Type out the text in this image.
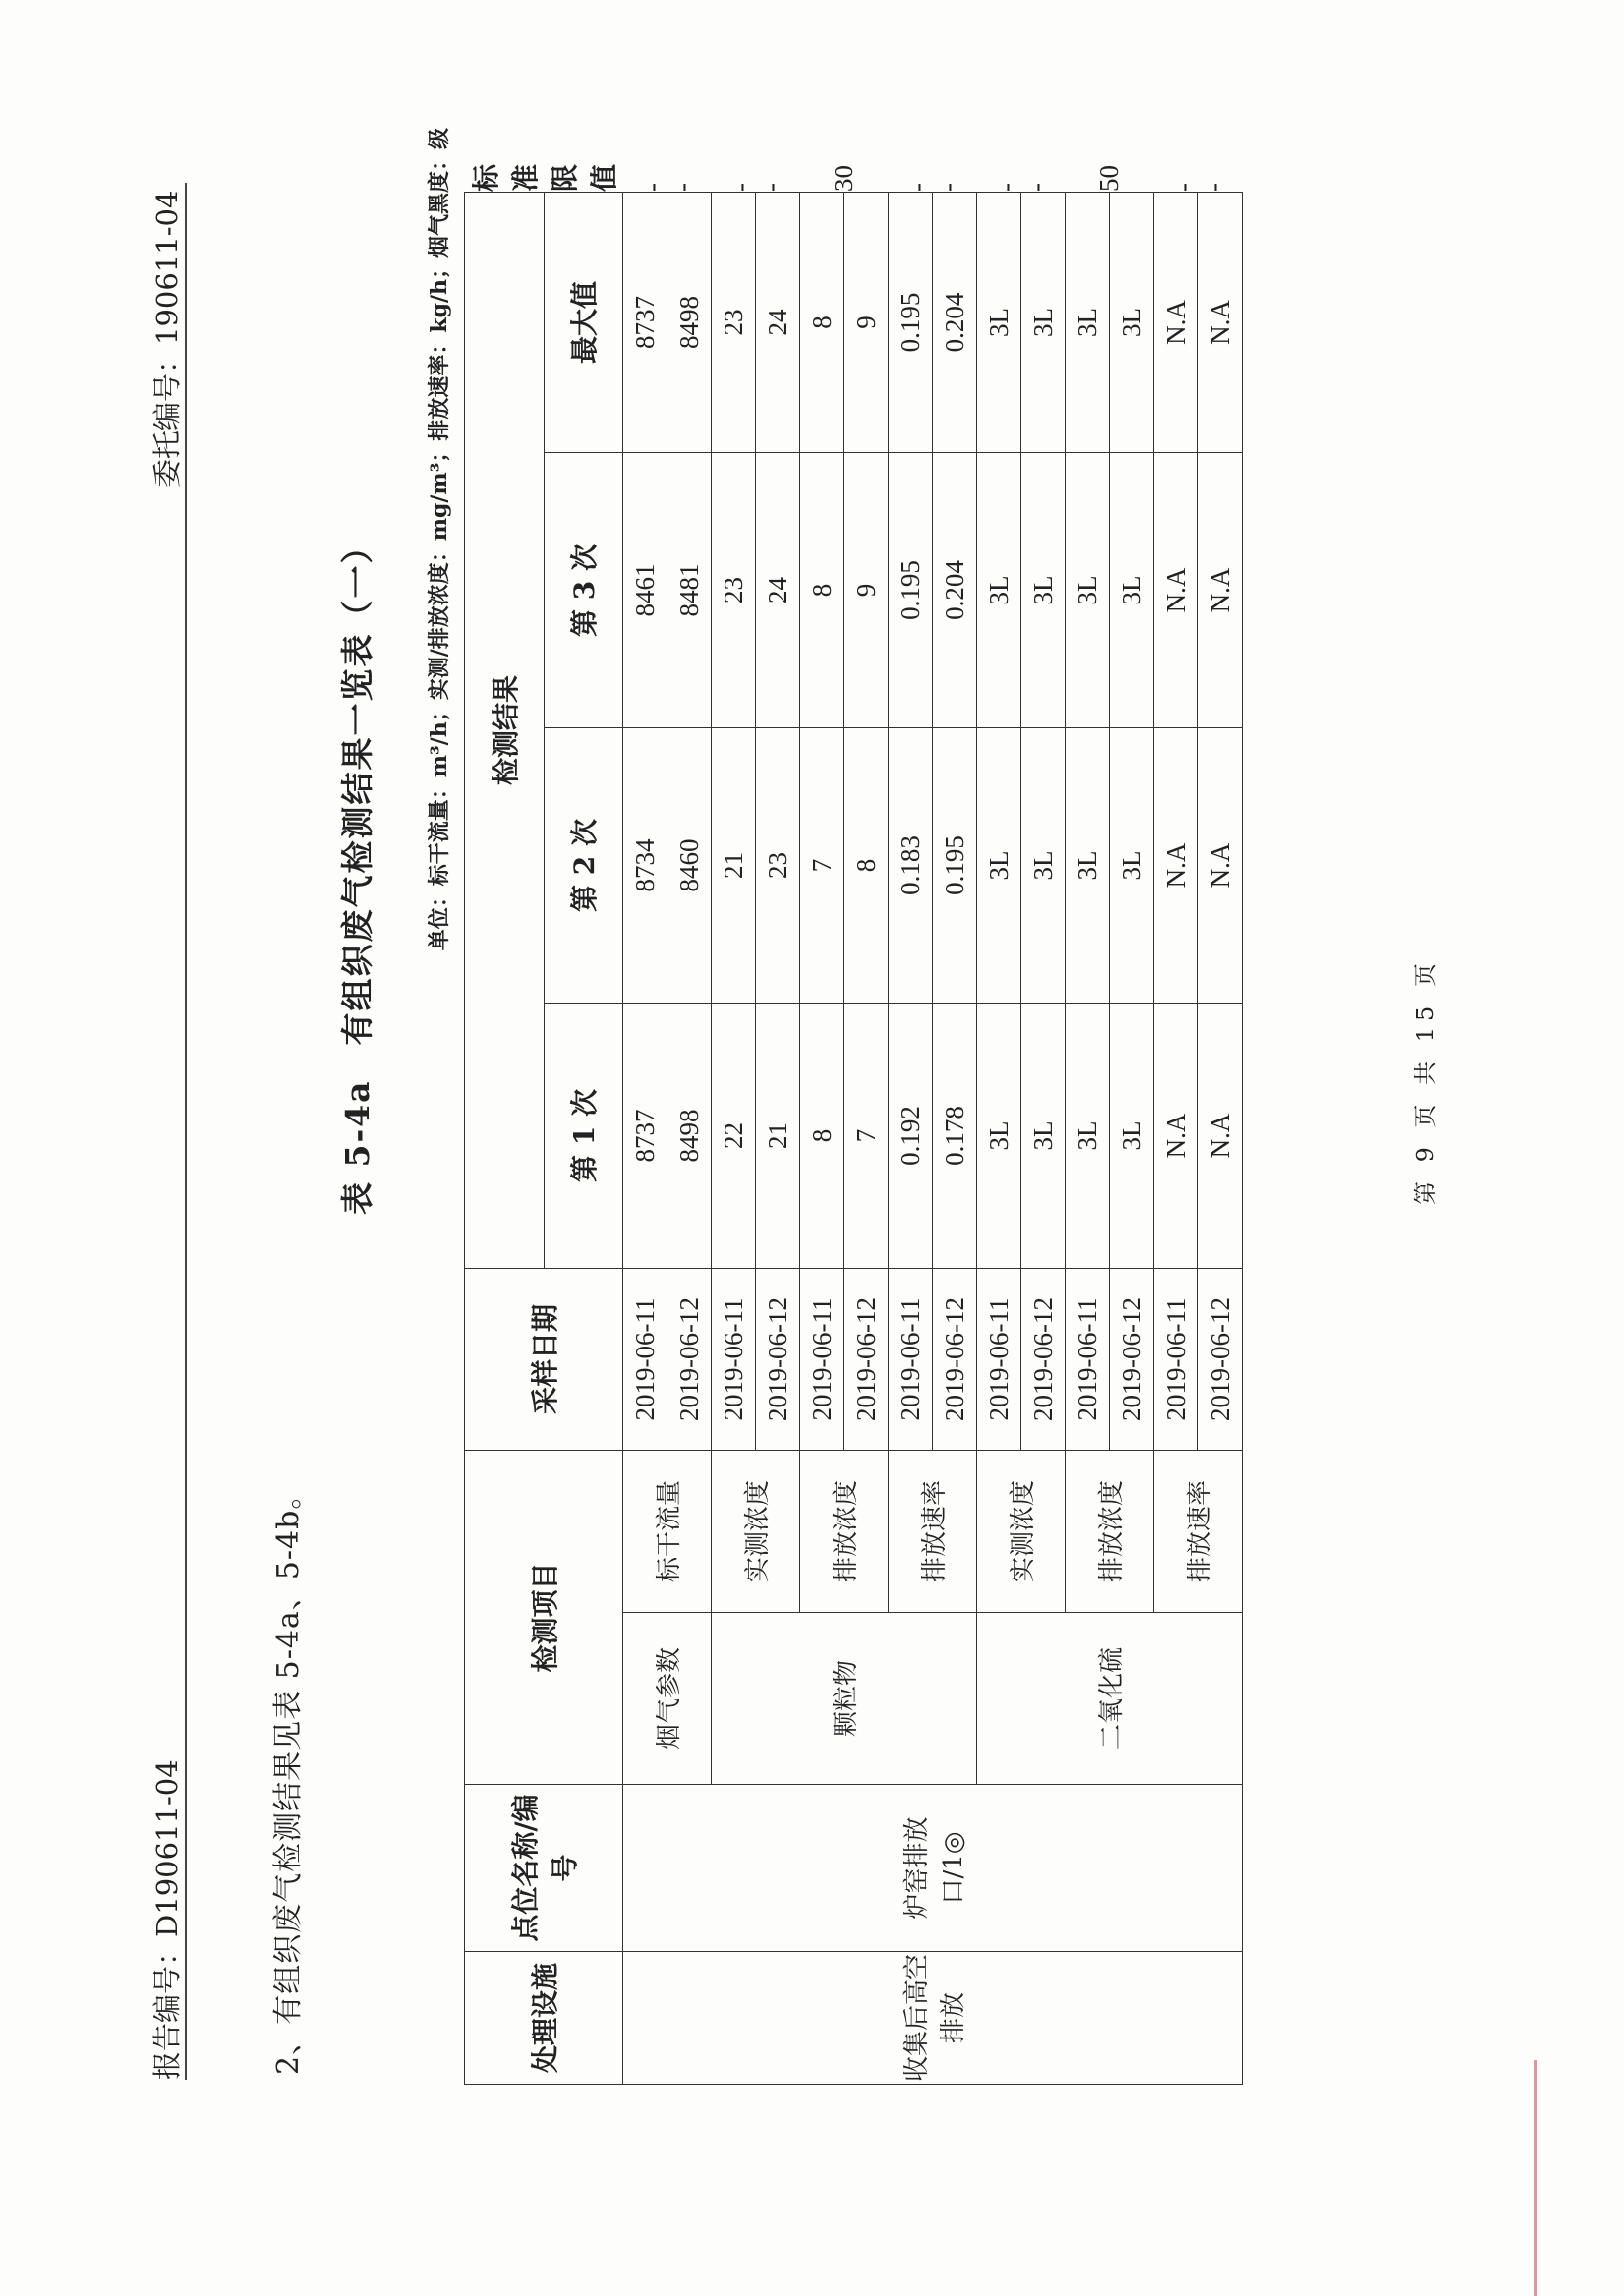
报告编号：D190611-04
委托编号：190611-04
2、有组织废气检测结果见表 5-4a、5-4b。
表 5-4a　有组织废气检测结果一览表（一） 单位：标干流量：m³/h；实测/排放浓度：mg/m³；排放速率：kg/h；烟气黑度：级
处理设施	点位名称/编号	检测项目		采样日期	检测结果				标准限值
					第 1 次	第 2 次	第 3 次	最大值	
收集后高空排放	炉窑排放口/1◎	烟气参数	标干流量	2019-06-11	8737	8734	8461	8737	--
				2019-06-12	8498	8460	8481	8498	
		颗粒物	实测浓度	2019-06-11	22	21	23	23	--
				2019-06-12	21	23	24	24	
			排放浓度	2019-06-11	8	7	8	8	30
				2019-06-12	7	8	9	9	
			排放速率	2019-06-11	0.192	0.183	0.195	0.195	--
				2019-06-12	0.178	0.195	0.204	0.204	
		二氧化硫	实测浓度	2019-06-11	3L	3L	3L	3L	--
				2019-06-12	3L	3L	3L	3L	
			排放浓度	2019-06-11	3L	3L	3L	3L	50
				2019-06-12	3L	3L	3L	3L	
			排放速率	2019-06-11	N.A	N.A	N.A	N.A	--
				2019-06-12	N.A	N.A	N.A	N.A	
第 9 页 共 15 页
